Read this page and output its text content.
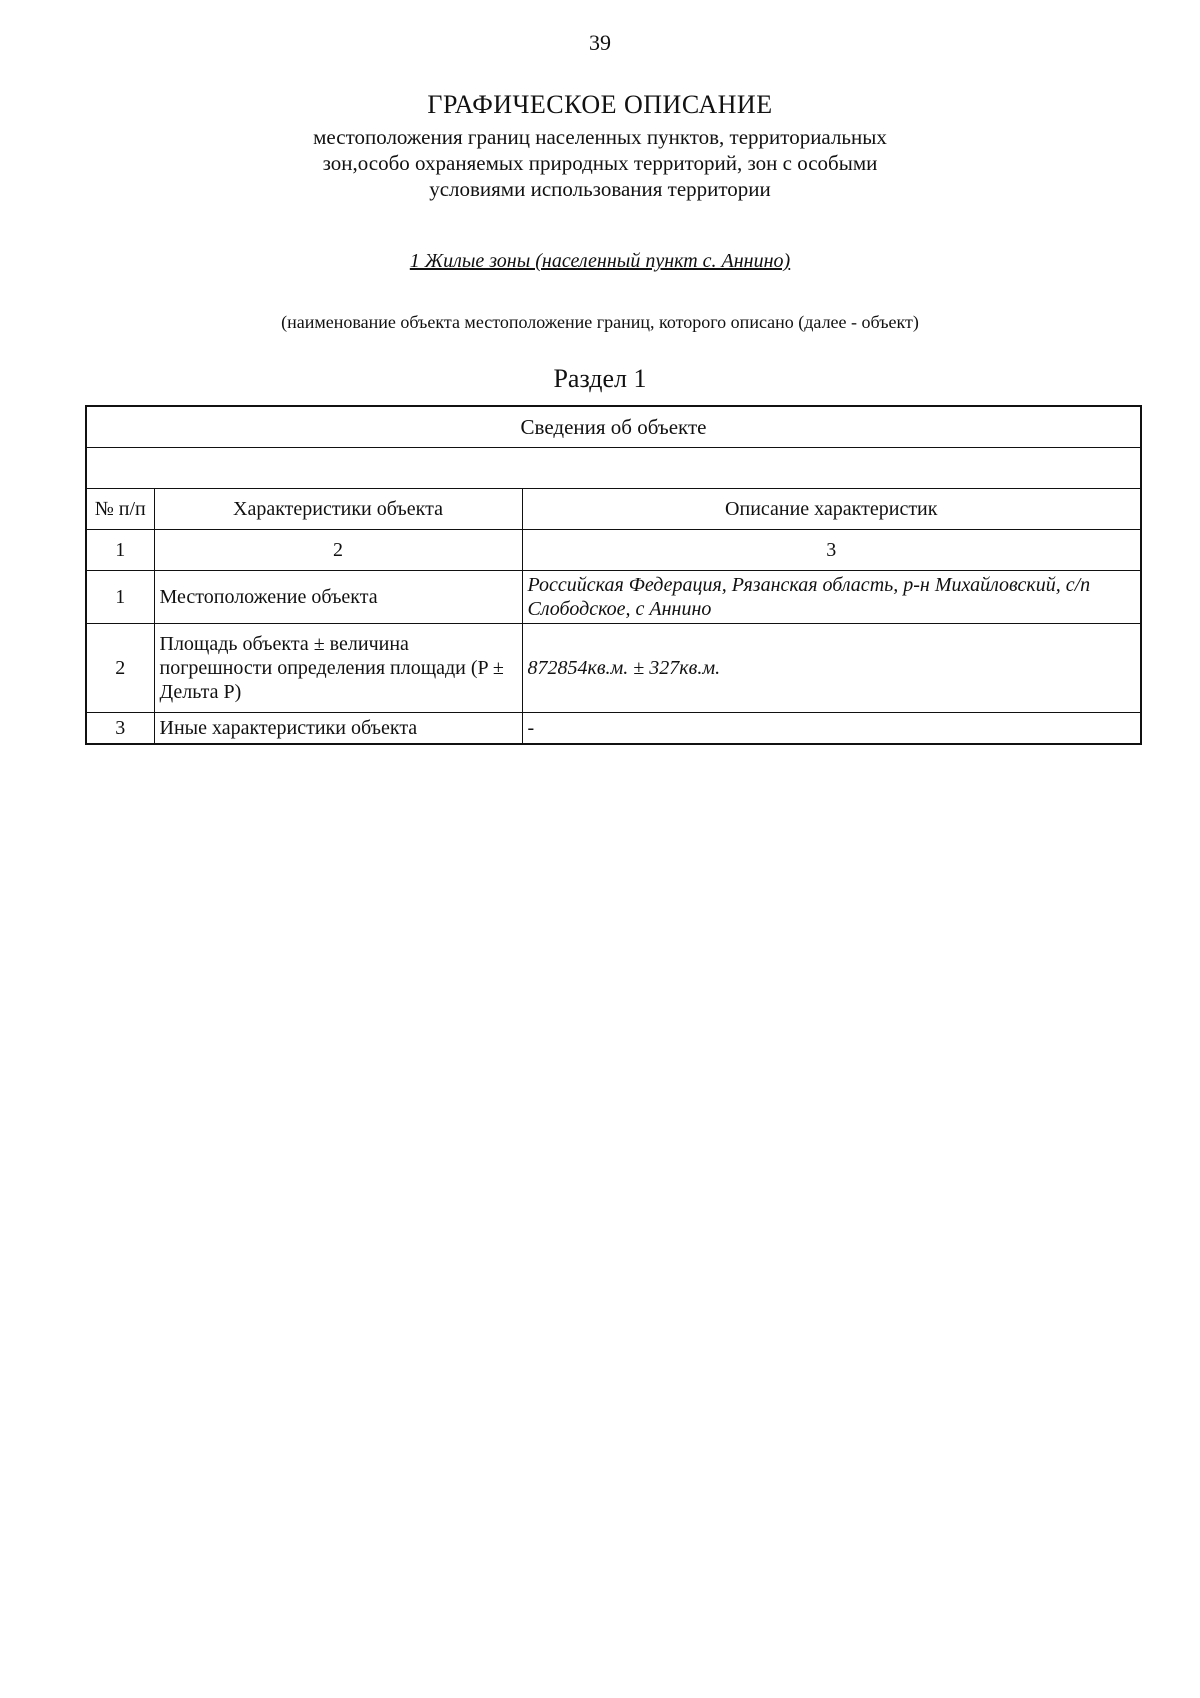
39
ГРАФИЧЕСКОЕ ОПИСАНИЕ
местоположения границ населенных пунктов, территориальных зон,особо охраняемых природных территорий, зон с особыми условиями использования территории
1 Жилые зоны (населенный пункт с. Аннино)
(наименование объекта местоположение границ, которого описано (далее - объект)
Раздел 1
Сведения об объекте		

№ п/п	Характеристики объекта	Описание характеристик
1	2	3
1	Местоположение объекта	Российская Федерация, Рязанская область, р-н Михайловский, с/п Слободское, с Аннино
2	Площадь объекта ± величина погрешности определения площади (P ± Дельта P)	872854кв.м. ± 327кв.м.
3	Иные характеристики объекта	-
